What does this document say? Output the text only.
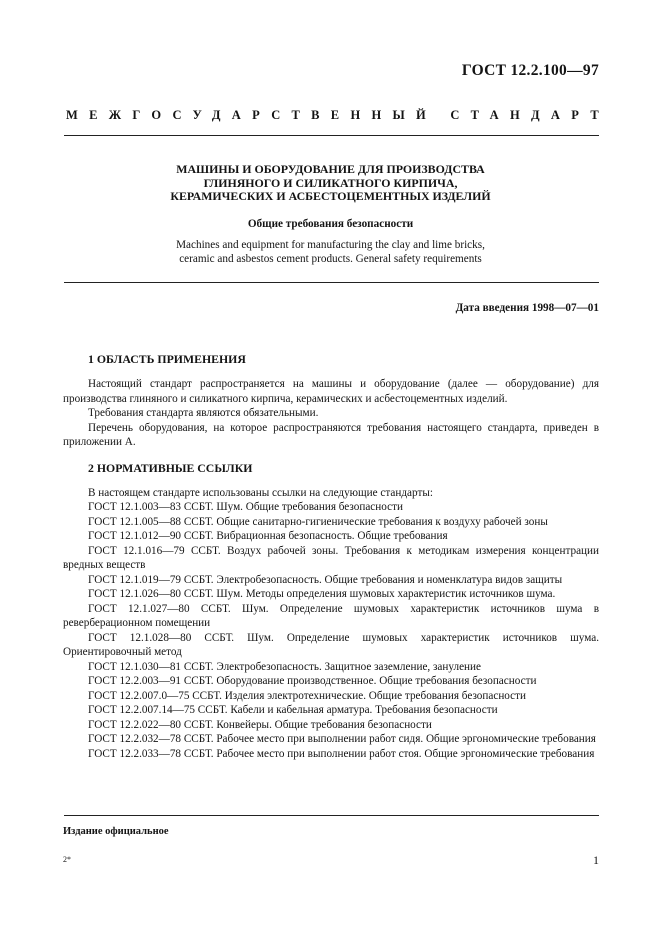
ГОСТ 12.2.100—97
МЕЖГОСУДАРСТВЕННЫЙ СТАНДАРТ
МАШИНЫ И ОБОРУДОВАНИЕ ДЛЯ ПРОИЗВОДСТВА
ГЛИНЯНОГО И СИЛИКАТНОГО КИРПИЧА,
КЕРАМИЧЕСКИХ И АСБЕСТОЦЕМЕНТНЫХ ИЗДЕЛИЙ
Общие требования безопасности
Machines and equipment for manufacturing the clay and lime bricks,
ceramic and asbestos cement products. General safety requirements
Дата введения 1998—07—01
1 ОБЛАСТЬ ПРИМЕНЕНИЯ

Настоящий стандарт распространяется на машины и оборудование (далее — оборудование) для производства глиняного и силикатного кирпича, керамических и асбестоцементных изделий.

Требования стандарта являются обязательными.

Перечень оборудования, на которое распространяются требования настоящего стандарта, приведен в приложении А.

2 НОРМАТИВНЫЕ ССЫЛКИ

В настоящем стандарте использованы ссылки на следующие стандарты:

ГОСТ 12.1.003—83 ССБТ. Шум. Общие требования безопасности

ГОСТ 12.1.005—88 ССБТ. Общие санитарно-гигиенические требования к воздуху рабочей зоны

ГОСТ 12.1.012—90 ССБТ. Вибрационная безопасность. Общие требования

ГОСТ 12.1.016—79 ССБТ. Воздух рабочей зоны. Требования к методикам измерения концентрации вредных веществ

ГОСТ 12.1.019—79 ССБТ. Электробезопасность. Общие требования и номенклатура видов защиты

ГОСТ 12.1.026—80 ССБТ. Шум. Методы определения шумовых характеристик источников шума.

ГОСТ 12.1.027—80 ССБТ. Шум. Определение шумовых характеристик источников шума в реверберационном помещении

ГОСТ 12.1.028—80 ССБТ. Шум. Определение шумовых характеристик источников шума. Ориентировочный метод

ГОСТ 12.1.030—81 ССБТ. Электробезопасность. Защитное заземление, зануление

ГОСТ 12.2.003—91 ССБТ. Оборудование производственное. Общие требования безопасности

ГОСТ 12.2.007.0—75 ССБТ. Изделия электротехнические. Общие требования безопасности

ГОСТ 12.2.007.14—75 ССБТ. Кабели и кабельная арматура. Требования безопасности

ГОСТ 12.2.022—80 ССБТ. Конвейеры. Общие требования безопасности

ГОСТ 12.2.032—78 ССБТ. Рабочее место при выполнении работ сидя. Общие эргономические требования

ГОСТ 12.2.033—78 ССБТ. Рабочее место при выполнении работ стоя. Общие эргономические требования

Издание официальное
2*	1
